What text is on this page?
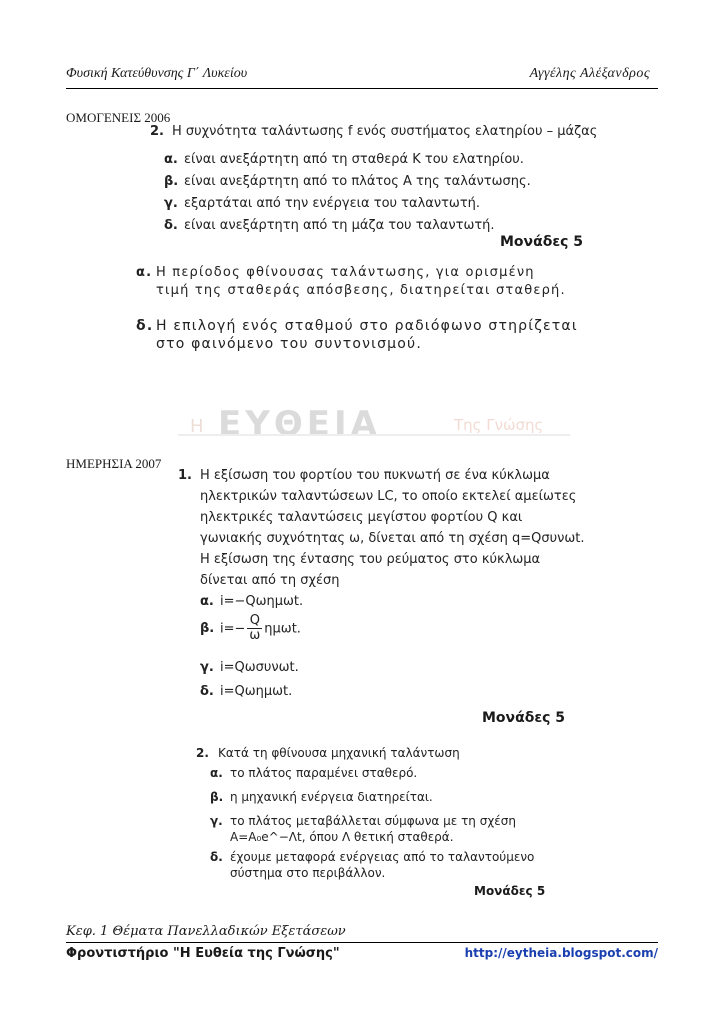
Φυσική Κατεύθυνσης Γ΄ Λυκείου	Αγγέλης Αλέξανδρος
ΟΜΟΓΕΝΕΙΣ 2006
2. Η συχνότητα ταλάντωσης f ενός συστήματος ελατηρίου – μάζας
α. είναι ανεξάρτητη από τη σταθερά K του ελατηρίου.
β. είναι ανεξάρτητη από το πλάτος A της ταλάντωσης.
γ. εξαρτάται από την ενέργεια του ταλαντωτή.
δ. είναι ανεξάρτητη από τη μάζα του ταλαντωτή.
Μονάδες 5
α. Η περίοδος φθίνουσας ταλάντωσης, για ορισμένη
τιμή της σταθεράς απόσβεσης, διατηρείται σταθερή.
δ. Η επιλογή ενός σταθμού στο ραδιόφωνο στηρίζεται
στο φαινόμενο του συντονισμού.
Η ΕΥΘΕΙΑ	Της Γνώσης
ΗΜΕΡΗΣΙΑ 2007
1. Η εξίσωση του φορτίου του πυκνωτή σε ένα κύκλωμα
ηλεκτρικών ταλαντώσεων LC, το οποίο εκτελεί αμείωτες
ηλεκτρικές ταλαντώσεις μεγίστου φορτίου Q και
γωνιακής συχνότητας ω, δίνεται από τη σχέση q=Qσυνωt.
Η εξίσωση της έντασης του ρεύματος στο κύκλωμα
δίνεται από τη σχέση
α. i=−Qωημωt.
β. $i=- \frac{Q}{\omega} \eta\mu\omega t$.
γ. i=Qωσυνωt.
δ. i=Qωημωt.
Μονάδες 5
2. Κατά τη φθίνουσα μηχανική ταλάντωση
α. το πλάτος παραμένει σταθερό.
β. η μηχανική ενέργεια διατηρείται.
γ. το πλάτος μεταβάλλεται σύμφωνα με τη σχέση
A=A₀e^−Λt, όπου Λ θετική σταθερά.
δ. έχουμε μεταφορά ενέργειας από το ταλαντούμενο
σύστημα στο περιβάλλον.
Μονάδες 5
Κεφ. 1 Θέματα Πανελλαδικών Εξετάσεων
Φροντιστήριο "Η Ευθεία της Γνώσης"	http://eytheia.blogspot.com/
